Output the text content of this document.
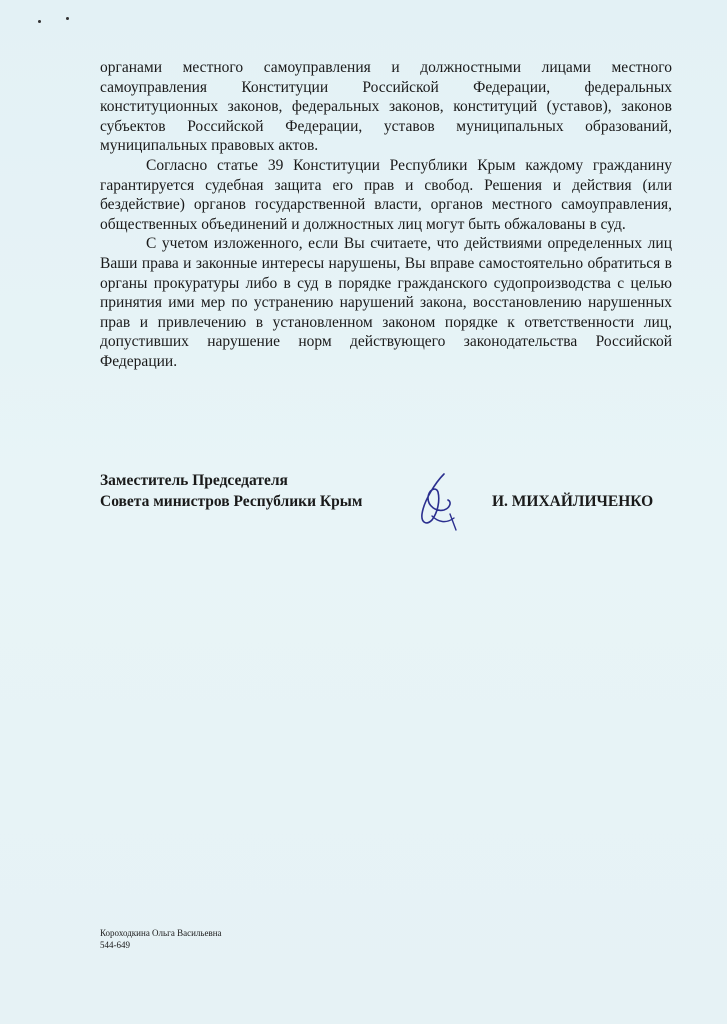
органами местного самоуправления и должностными лицами местного самоуправления Конституции Российской Федерации, федеральных конституционных законов, федеральных законов, конституций (уставов), законов субъектов Российской Федерации, уставов муниципальных образований, муниципальных правовых актов.

Согласно статье 39 Конституции Республики Крым каждому гражданину гарантируется судебная защита его прав и свобод. Решения и действия (или бездействие) органов государственной власти, органов местного самоуправления, общественных объединений и должностных лиц могут быть обжалованы в суд.

С учетом изложенного, если Вы считаете, что действиями определенных лиц Ваши права и законные интересы нарушены, Вы вправе самостоятельно обратиться в органы прокуратуры либо в суд в порядке гражданского судопроизводства с целью принятия ими мер по устранению нарушений закона, восстановлению нарушенных прав и привлечению в установленном законом порядке к ответственности лиц, допустивших нарушение норм действующего законодательства Российской Федерации.

Заместитель Председателя
Совета министров Республики Крым	И. МИХАЙЛИЧЕНКО
Короходкина Ольга Васильевна
544-649
